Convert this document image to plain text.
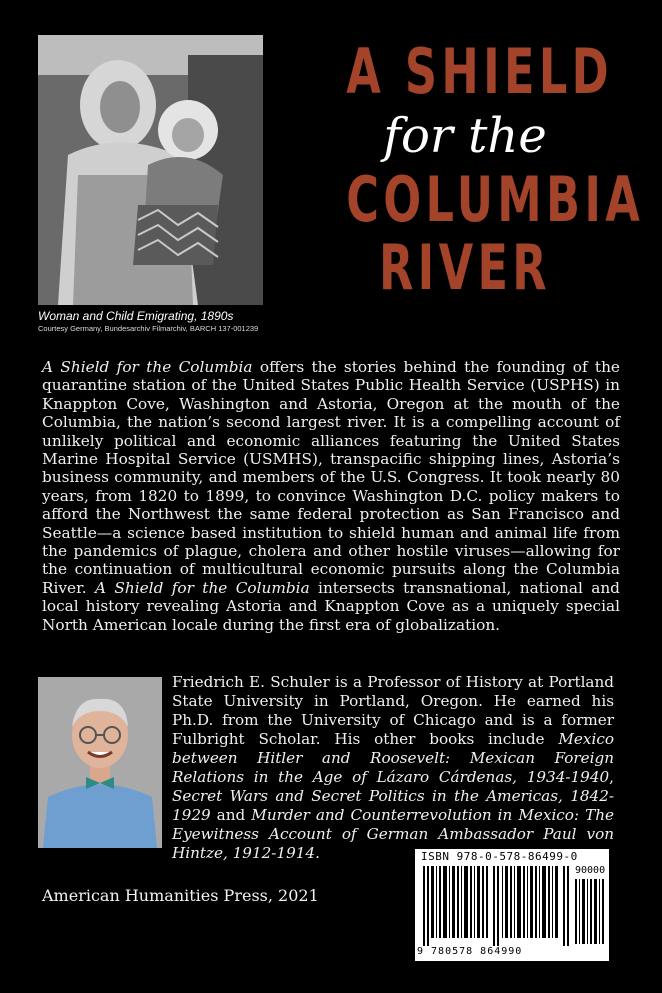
Woman and Child Emigrating, 1890s
Courtesy Germany, Bundesarchiv Filmarchiv, BARCH 137-001239
A SHIELD
for the
COLUMBIA
RIVER
A Shield for the Columbia offers the stories behind the founding of the quarantine station of the United States Public Health Service (USPHS) in Knappton Cove, Washington and Astoria, Oregon at the mouth of the Columbia, the nation’s second largest river. It is a compelling account of unlikely political and economic alliances featuring the United States Marine Hospital Service (USMHS), transpacific shipping lines, Astoria’s business community, and members of the U.S. Congress. It took nearly 80 years, from 1820 to 1899, to convince Washington D.C. policy makers to afford the Northwest the same federal protection as San Francisco and Seattle—a science based institution to shield human and animal life from the pandemics of plague, cholera and other hostile viruses—allowing for the continuation of multicultural economic pursuits along the Columbia River. A Shield for the Columbia intersects transnational, national and local history revealing Astoria and Knappton Cove as a uniquely special North American locale during the first era of globalization.
Friedrich E. Schuler is a Professor of History at Portland State University in Portland, Oregon. He earned his Ph.D. from the University of Chicago and is a former Fulbright Scholar. His other books include Mexico between Hitler and Roosevelt: Mexican Foreign Relations in the Age of Lázaro Cárdenas, 1934-1940, Secret Wars and Secret Politics in the Americas, 1842-1929 and Murder and Counterrevolution in Mexico: The Eyewitness Account of German Ambassador Paul von Hintze, 1912-1914.
American Humanities Press, 2021
ISBN 978-0-578-86499-0
90000
9 780578 864990
